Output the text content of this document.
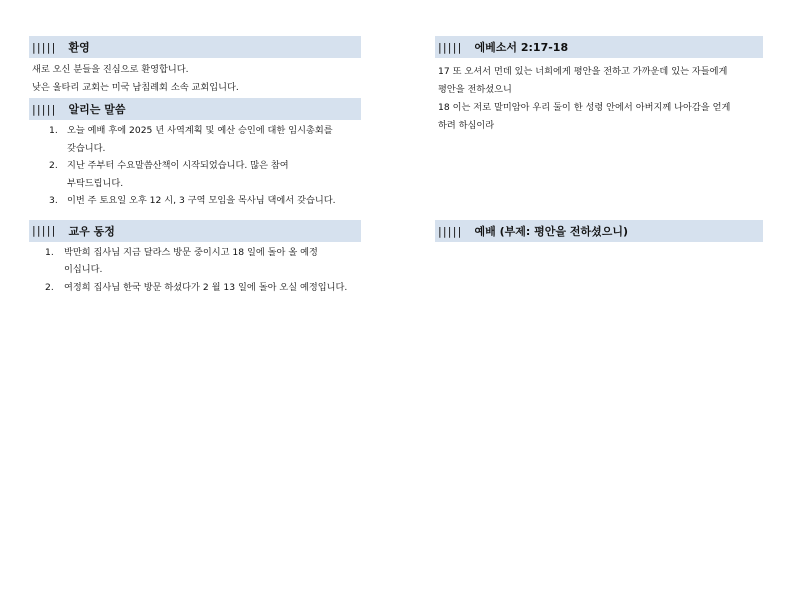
||||| 환영

새로 오신 분들을 진심으로 환영합니다.

낮은 울타리 교회는 미국 남침례회 소속 교회입니다.

||||| 알리는 말씀
1.	오늘 예배 후에 2025 년 사역계획 및 예산 승인에 대한 임시총회를
갖습니다.
2.	지난 주부터 수요말씀산책이 시작되었습니다. 많은 참여
부탁드립니다.
3.	이번 주 토요일 오후 12 시, 3 구역 모임을 목사님 댁에서 갖습니다.
||||| 교우 동정
1.	박만희 집사님 지금 달라스 방문 중이시고 18 일에 돌아 올 예정
이십니다.
2.	여정희 집사님 한국 방문 하셨다가 2 월 13 일에 돌아 오실 예정입니다.
||||| 에베소서 2:17-18

17 또 오셔서 먼데 있는 너희에게 평안을 전하고 가까운데 있는 자들에게

평안을 전하셨으니

18 이는 저로 말미암아 우리 둘이 한 성령 안에서 아버지께 나아감을 얻게

하려 하심이라

||||| 예배 (부제: 평안을 전하셨으니)
